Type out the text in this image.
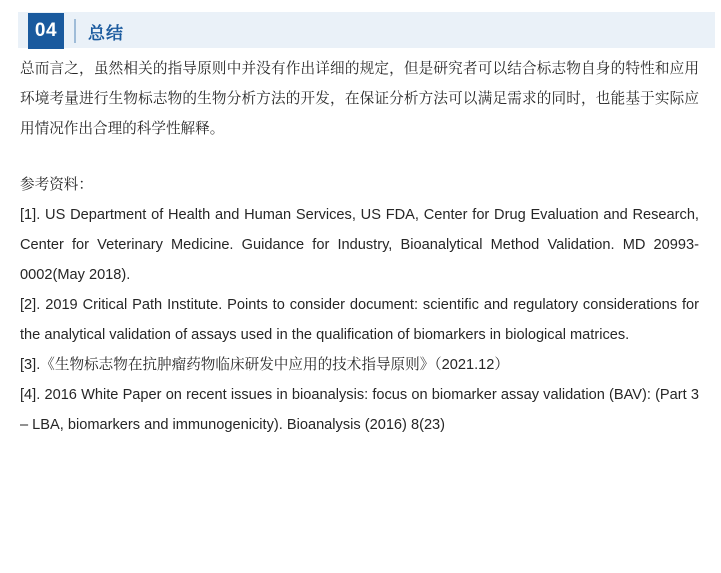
04	总结

总而言之，虽然相关的指导原则中并没有作出详细的规定，但是研究者可以结合标志物自身的特性和应用环境考量进行生物标志物的生物分析方法的开发，在保证分析方法可以满足需求的同时，也能基于实际应用情况作出合理的科学性解释。

参考资料：

[1]. US Department of Health and Human Services, US FDA, Center for Drug Evaluation and Research, Center for Veterinary Medicine. Guidance for Industry, Bioanalytical Method Validation. MD 20993-0002(May 2018).

[2]. 2019 Critical Path Institute. Points to consider document: scientific and regulatory considerations for the analytical validation of assays used in the qualification of biomarkers in biological matrices.

[3].《生物标志物在抗肿瘤药物临床研发中应用的技术指导原则》（2021.12）

[4]. 2016 White Paper on recent issues in bioanalysis: focus on biomarker assay validation (BAV): (Part 3 – LBA, biomarkers and immunogenicity). Bioanalysis (2016) 8(23)
